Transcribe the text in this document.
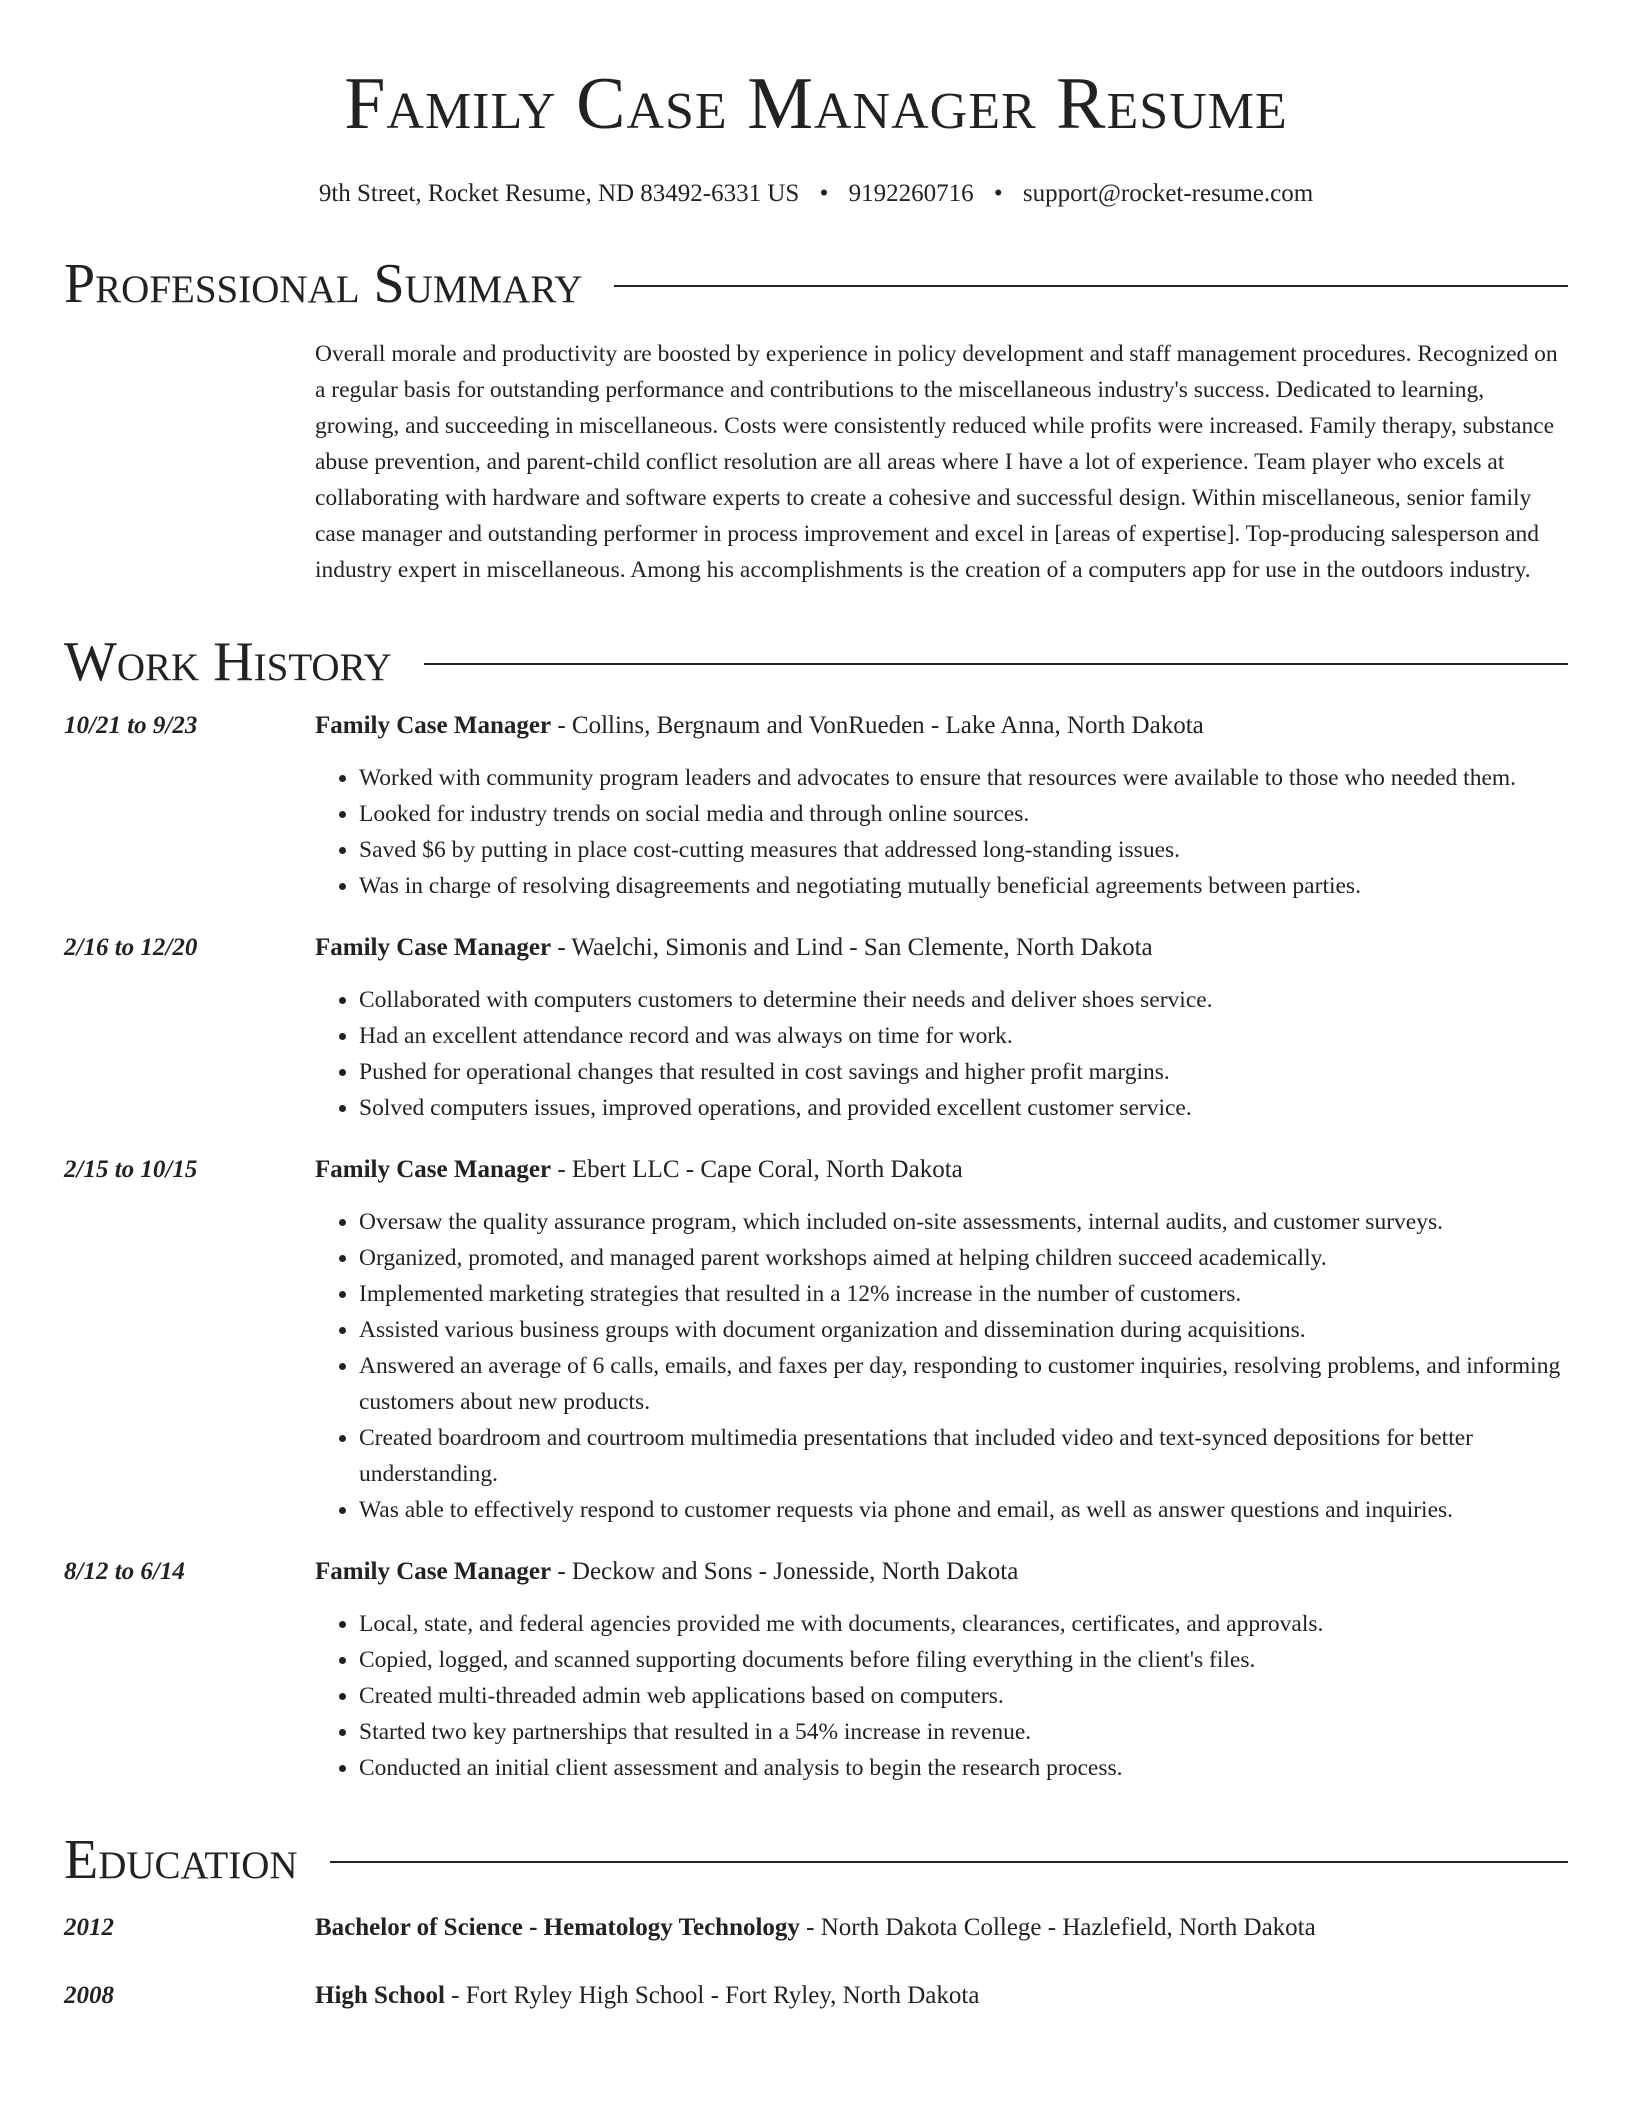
Family Case Manager Resume
9th Street, Rocket Resume, ND 83492-6331 US • 9192260716 • support@rocket-resume.com
Professional Summary
Overall morale and productivity are boosted by experience in policy development and staff management procedures. Recognized on a regular basis for outstanding performance and contributions to the miscellaneous industry's success. Dedicated to learning, growing, and succeeding in miscellaneous. Costs were consistently reduced while profits were increased. Family therapy, substance abuse prevention, and parent-child conflict resolution are all areas where I have a lot of experience. Team player who excels at collaborating with hardware and software experts to create a cohesive and successful design. Within miscellaneous, senior family case manager and outstanding performer in process improvement and excel in [areas of expertise]. Top-producing salesperson and industry expert in miscellaneous. Among his accomplishments is the creation of a computers app for use in the outdoors industry.
Work History
10/21 to 9/23	Family Case Manager - Collins, Bergnaum and VonRueden - Lake Anna, North Dakota
• Worked with community program leaders and advocates to ensure that resources were available to those who needed them.
• Looked for industry trends on social media and through online sources.
• Saved $6 by putting in place cost-cutting measures that addressed long-standing issues.
• Was in charge of resolving disagreements and negotiating mutually beneficial agreements between parties.
2/16 to 12/20	Family Case Manager - Waelchi, Simonis and Lind - San Clemente, North Dakota
• Collaborated with computers customers to determine their needs and deliver shoes service.
• Had an excellent attendance record and was always on time for work.
• Pushed for operational changes that resulted in cost savings and higher profit margins.
• Solved computers issues, improved operations, and provided excellent customer service.
2/15 to 10/15	Family Case Manager - Ebert LLC - Cape Coral, North Dakota
• Oversaw the quality assurance program, which included on-site assessments, internal audits, and customer surveys.
• Organized, promoted, and managed parent workshops aimed at helping children succeed academically.
• Implemented marketing strategies that resulted in a 12% increase in the number of customers.
• Assisted various business groups with document organization and dissemination during acquisitions.
• Answered an average of 6 calls, emails, and faxes per day, responding to customer inquiries, resolving problems, and informing customers about new products.
• Created boardroom and courtroom multimedia presentations that included video and text-synced depositions for better understanding.
• Was able to effectively respond to customer requests via phone and email, as well as answer questions and inquiries.
8/12 to 6/14	Family Case Manager - Deckow and Sons - Jonesside, North Dakota
• Local, state, and federal agencies provided me with documents, clearances, certificates, and approvals.
• Copied, logged, and scanned supporting documents before filing everything in the client's files.
• Created multi-threaded admin web applications based on computers.
• Started two key partnerships that resulted in a 54% increase in revenue.
• Conducted an initial client assessment and analysis to begin the research process.
Education
2012	Bachelor of Science - Hematology Technology - North Dakota College - Hazlefield, North Dakota
2008	High School - Fort Ryley High School - Fort Ryley, North Dakota
